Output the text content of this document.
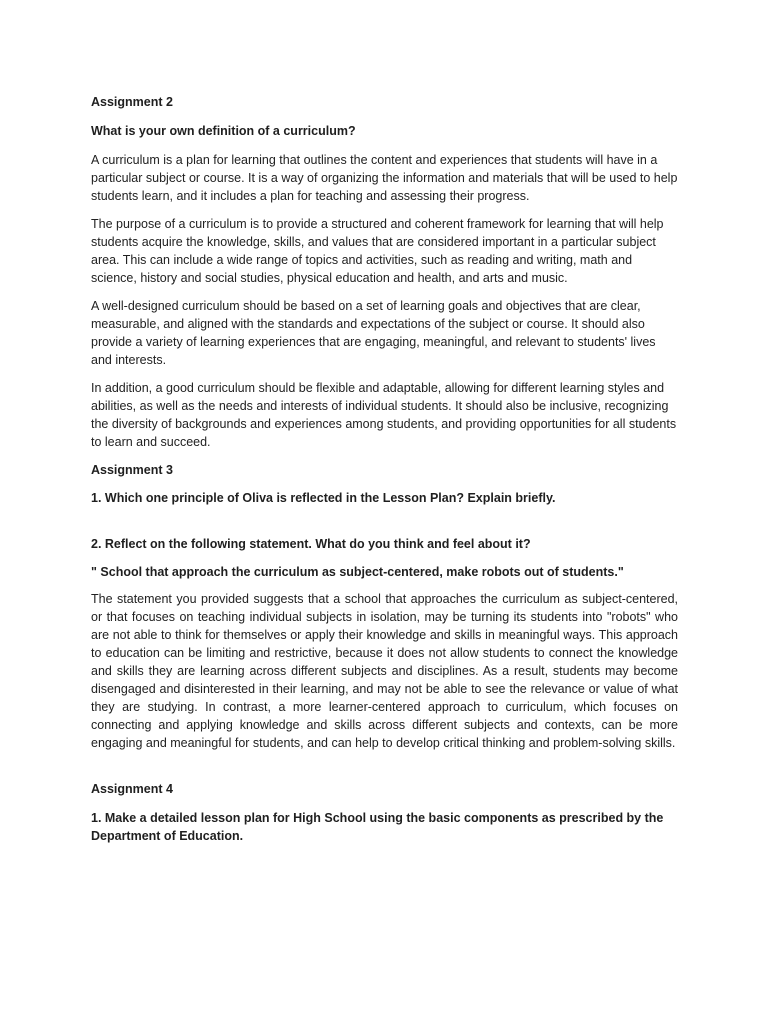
Assignment 2

What is your own definition of a curriculum?

A curriculum is a plan for learning that outlines the content and experiences that students will have in a particular subject or course. It is a way of organizing the information and materials that will be used to help students learn, and it includes a plan for teaching and assessing their progress.

The purpose of a curriculum is to provide a structured and coherent framework for learning that will help students acquire the knowledge, skills, and values that are considered important in a particular subject area. This can include a wide range of topics and activities, such as reading and writing, math and science, history and social studies, physical education and health, and arts and music.

A well-designed curriculum should be based on a set of learning goals and objectives that are clear, measurable, and aligned with the standards and expectations of the subject or course. It should also provide a variety of learning experiences that are engaging, meaningful, and relevant to students' lives and interests.

In addition, a good curriculum should be flexible and adaptable, allowing for different learning styles and abilities, as well as the needs and interests of individual students. It should also be inclusive, recognizing the diversity of backgrounds and experiences among students, and providing opportunities for all students to learn and succeed.

Assignment 3

1. Which one principle of Oliva is reflected in the Lesson Plan? Explain briefly.

2. Reflect on the following statement. What do you think and feel about it?

" School that approach the curriculum as subject-centered, make robots out of students."

The statement you provided suggests that a school that approaches the curriculum as subject-centered, or that focuses on teaching individual subjects in isolation, may be turning its students into "robots" who are not able to think for themselves or apply their knowledge and skills in meaningful ways. This approach to education can be limiting and restrictive, because it does not allow students to connect the knowledge and skills they are learning across different subjects and disciplines. As a result, students may become disengaged and disinterested in their learning, and may not be able to see the relevance or value of what they are studying. In contrast, a more learner-centered approach to curriculum, which focuses on connecting and applying knowledge and skills across different subjects and contexts, can be more engaging and meaningful for students, and can help to develop critical thinking and problem-solving skills.

Assignment 4

1. Make a detailed lesson plan for High School using the basic components as prescribed by the Department of Education.
